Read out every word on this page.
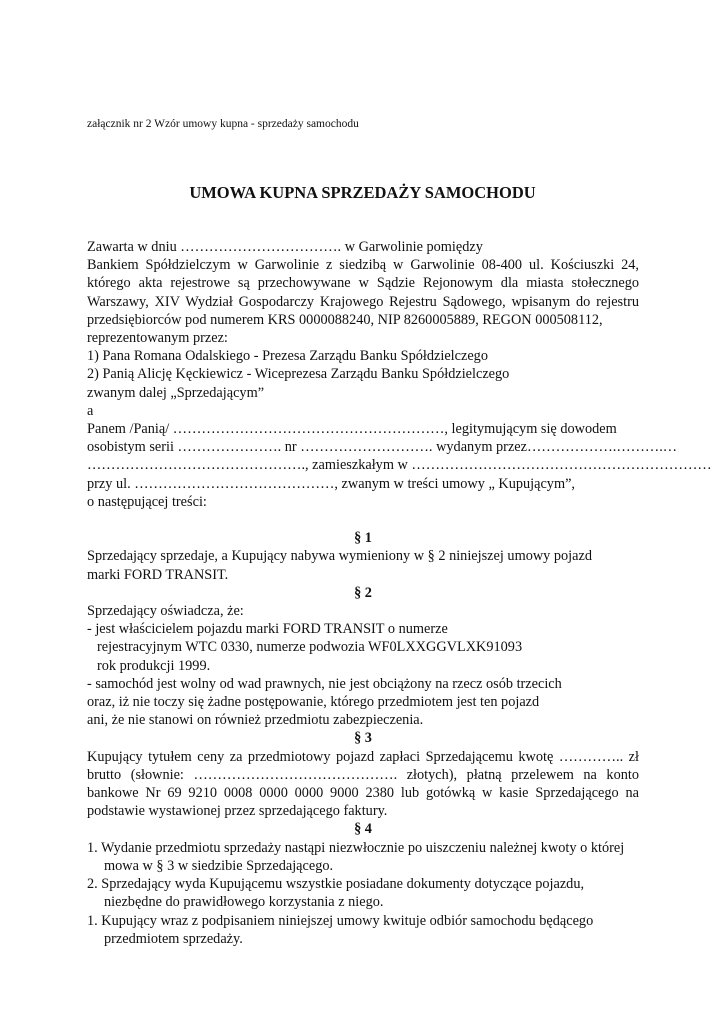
załącznik nr 2 Wzór umowy kupna - sprzedaży samochodu
UMOWA KUPNA SPRZEDAŻY SAMOCHODU
Zawarta w dniu ……………………………. w Garwolinie pomiędzy
Bankiem Spółdzielczym w Garwolinie z siedzibą w Garwolinie 08-400 ul. Kościuszki 24, którego akta rejestrowe są przechowywane w Sądzie Rejonowym dla miasta stołecznego Warszawy, XIV Wydział Gospodarczy Krajowego Rejestru Sądowego, wpisanym do rejestru przedsiębiorców pod numerem KRS 0000088240, NIP 8260005889, REGON 000508112,
reprezentowanym przez:
1) Pana Romana Odalskiego - Prezesa Zarządu Banku Spółdzielczego
2) Panią Alicję Kęckiewicz - Wiceprezesa Zarządu Banku Spółdzielczego
zwanym dalej „Sprzedającym”
a
Panem /Panią/ …………………………………………………, legitymującym się dowodem
osobistym serii …………………. nr ………………………. wydanym przez……………….……….…
………………………………………., zamieszkałym w ………………………………………………………
przy ul. ……………………………………, zwanym w treści umowy „ Kupującym”,
o następującej treści:
§ 1
Sprzedający sprzedaje, a Kupujący nabywa wymieniony w § 2 niniejszej umowy pojazd
marki FORD TRANSIT.
§ 2
Sprzedający oświadcza, że:
- jest właścicielem pojazdu marki FORD TRANSIT o numerze
rejestracyjnym WTC 0330, numerze podwozia WF0LXXGGVLXK91093
rok produkcji 1999.
- samochód jest wolny od wad prawnych, nie jest obciążony na rzecz osób trzecich
oraz, iż nie toczy się żadne postępowanie, którego przedmiotem jest ten pojazd
ani, że nie stanowi on również przedmiotu zabezpieczenia.
§ 3
Kupujący tytułem ceny za przedmiotowy pojazd zapłaci Sprzedającemu kwotę ………….. zł brutto (słownie: ……………………………………. złotych), płatną przelewem na konto bankowe Nr 69 9210 0008 0000 0000 9000 2380 lub gotówką w kasie Sprzedającego na podstawie wystawionej przez sprzedającego faktury.
§ 4
1. Wydanie przedmiotu sprzedaży nastąpi niezwłocznie po uiszczeniu należnej kwoty o której mowa w § 3 w siedzibie Sprzedającego.
2. Sprzedający wyda Kupującemu wszystkie posiadane dokumenty dotyczące pojazdu, niezbędne do prawidłowego korzystania z niego.
1. Kupujący wraz z podpisaniem niniejszej umowy kwituje odbiór samochodu będącego przedmiotem sprzedaży.
